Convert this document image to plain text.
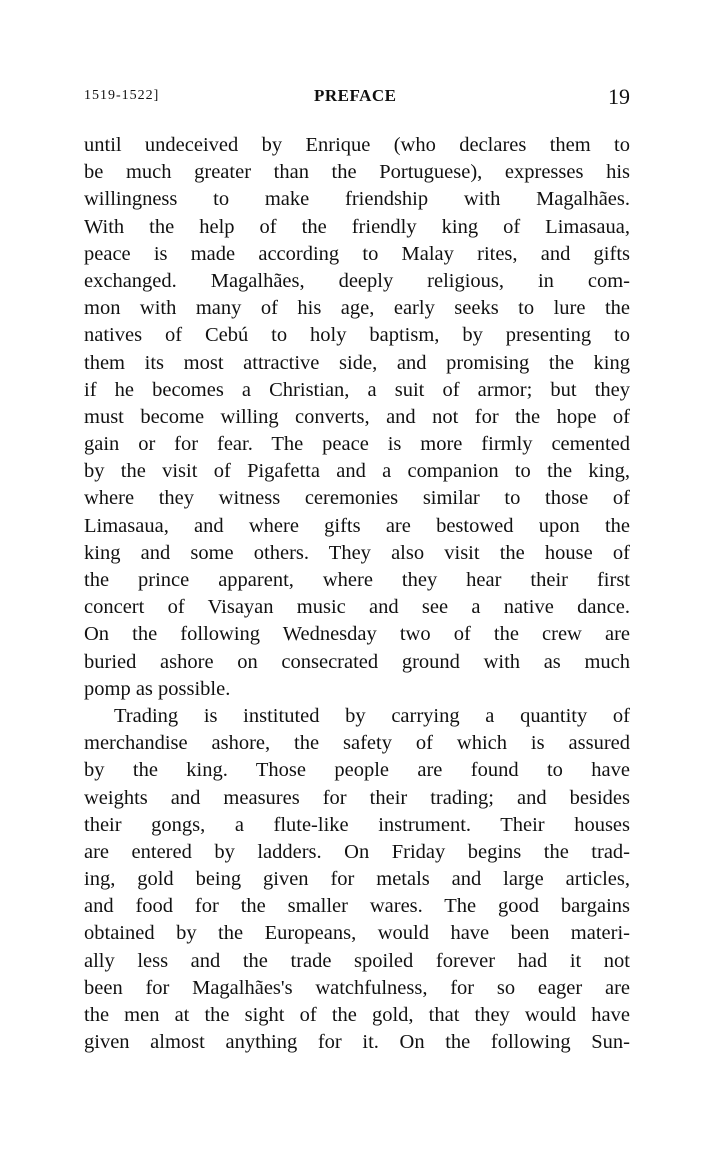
1519-1522]	PREFACE	19
until undeceived by Enrique (who declares them to
be much greater than the Portuguese), expresses his
willingness to make friendship with Magalhães.
With the help of the friendly king of Limasaua,
peace is made according to Malay rites, and gifts
exchanged. Magalhães, deeply religious, in com-
mon with many of his age, early seeks to lure the
natives of Cebú to holy baptism, by presenting to
them its most attractive side, and promising the king
if he becomes a Christian, a suit of armor; but they
must become willing converts, and not for the hope of
gain or for fear. The peace is more firmly cemented
by the visit of Pigafetta and a companion to the king,
where they witness ceremonies similar to those of
Limasaua, and where gifts are bestowed upon the
king and some others. They also visit the house of
the prince apparent, where they hear their first
concert of Visayan music and see a native dance.
On the following Wednesday two of the crew are
buried ashore on consecrated ground with as much
pomp as possible.
Trading is instituted by carrying a quantity of
merchandise ashore, the safety of which is assured
by the king. Those people are found to have
weights and measures for their trading; and besides
their gongs, a flute-like instrument. Their houses
are entered by ladders. On Friday begins the trad-
ing, gold being given for metals and large articles,
and food for the smaller wares. The good bargains
obtained by the Europeans, would have been materi-
ally less and the trade spoiled forever had it not
been for Magalhães's watchfulness, for so eager are
the men at the sight of the gold, that they would have
given almost anything for it. On the following Sun-
